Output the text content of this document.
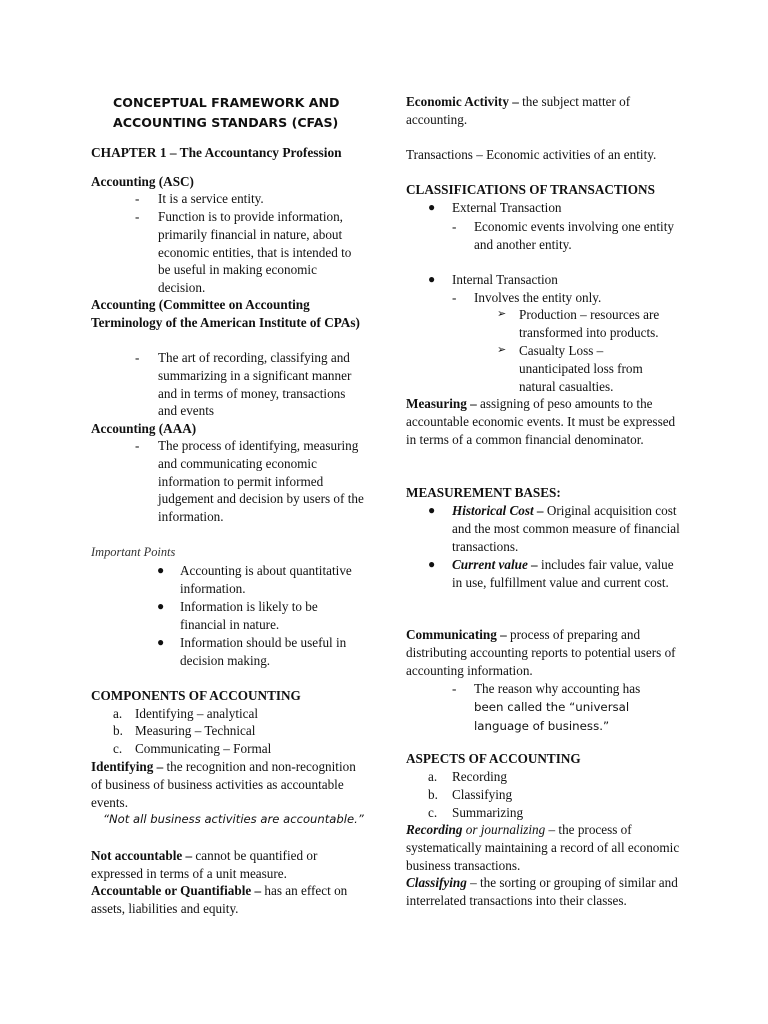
CONCEPTUAL FRAMEWORK AND ACCOUNTING STANDARS (CFAS)
CHAPTER 1 – The Accountancy Profession
Accounting (ASC)
- It is a service entity.
- Function is to provide information, primarily financial in nature, about economic entities, that is intended to be useful in making economic decision.
Accounting (Committee on Accounting Terminology of the American Institute of CPAs)
- The art of recording, classifying and summarizing in a significant manner and in terms of money, transactions and events
Accounting (AAA)
- The process of identifying, measuring and communicating economic information to permit informed judgement and decision by users of the information.
Important Points
● Accounting is about quantitative information.
● Information is likely to be financial in nature.
● Information should be useful in decision making.
COMPONENTS OF ACCOUNTING
a. Identifying – analytical
b. Measuring – Technical
c. Communicating – Formal
Identifying – the recognition and non-recognition of business of business activities as accountable events.
“Not all business activities are accountable.”
Not accountable – cannot be quantified or expressed in terms of a unit measure.
Accountable or Quantifiable – has an effect on assets, liabilities and equity.
Economic Activity – the subject matter of accounting.
Transactions – Economic activities of an entity.
CLASSIFICATIONS OF TRANSACTIONS
● External Transaction
- Economic events involving one entity and another entity.
● Internal Transaction
- Involves the entity only.
➢ Production – resources are transformed into products.
➢ Casualty Loss – unanticipated loss from natural casualties.
Measuring – assigning of peso amounts to the accountable economic events. It must be expressed in terms of a common financial denominator.
MEASUREMENT BASES:
● Historical Cost – Original acquisition cost and the most common measure of financial transactions.
● Current value – includes fair value, value in use, fulfillment value and current cost.
Communicating – process of preparing and distributing accounting reports to potential users of accounting information.
- The reason why accounting has
been called the “universal language of business.”
ASPECTS OF ACCOUNTING
a. Recording
b. Classifying
c. Summarizing
Recording or journalizing – the process of systematically maintaining a record of all economic business transactions.
Classifying – the sorting or grouping of similar and interrelated transactions into their classes.
